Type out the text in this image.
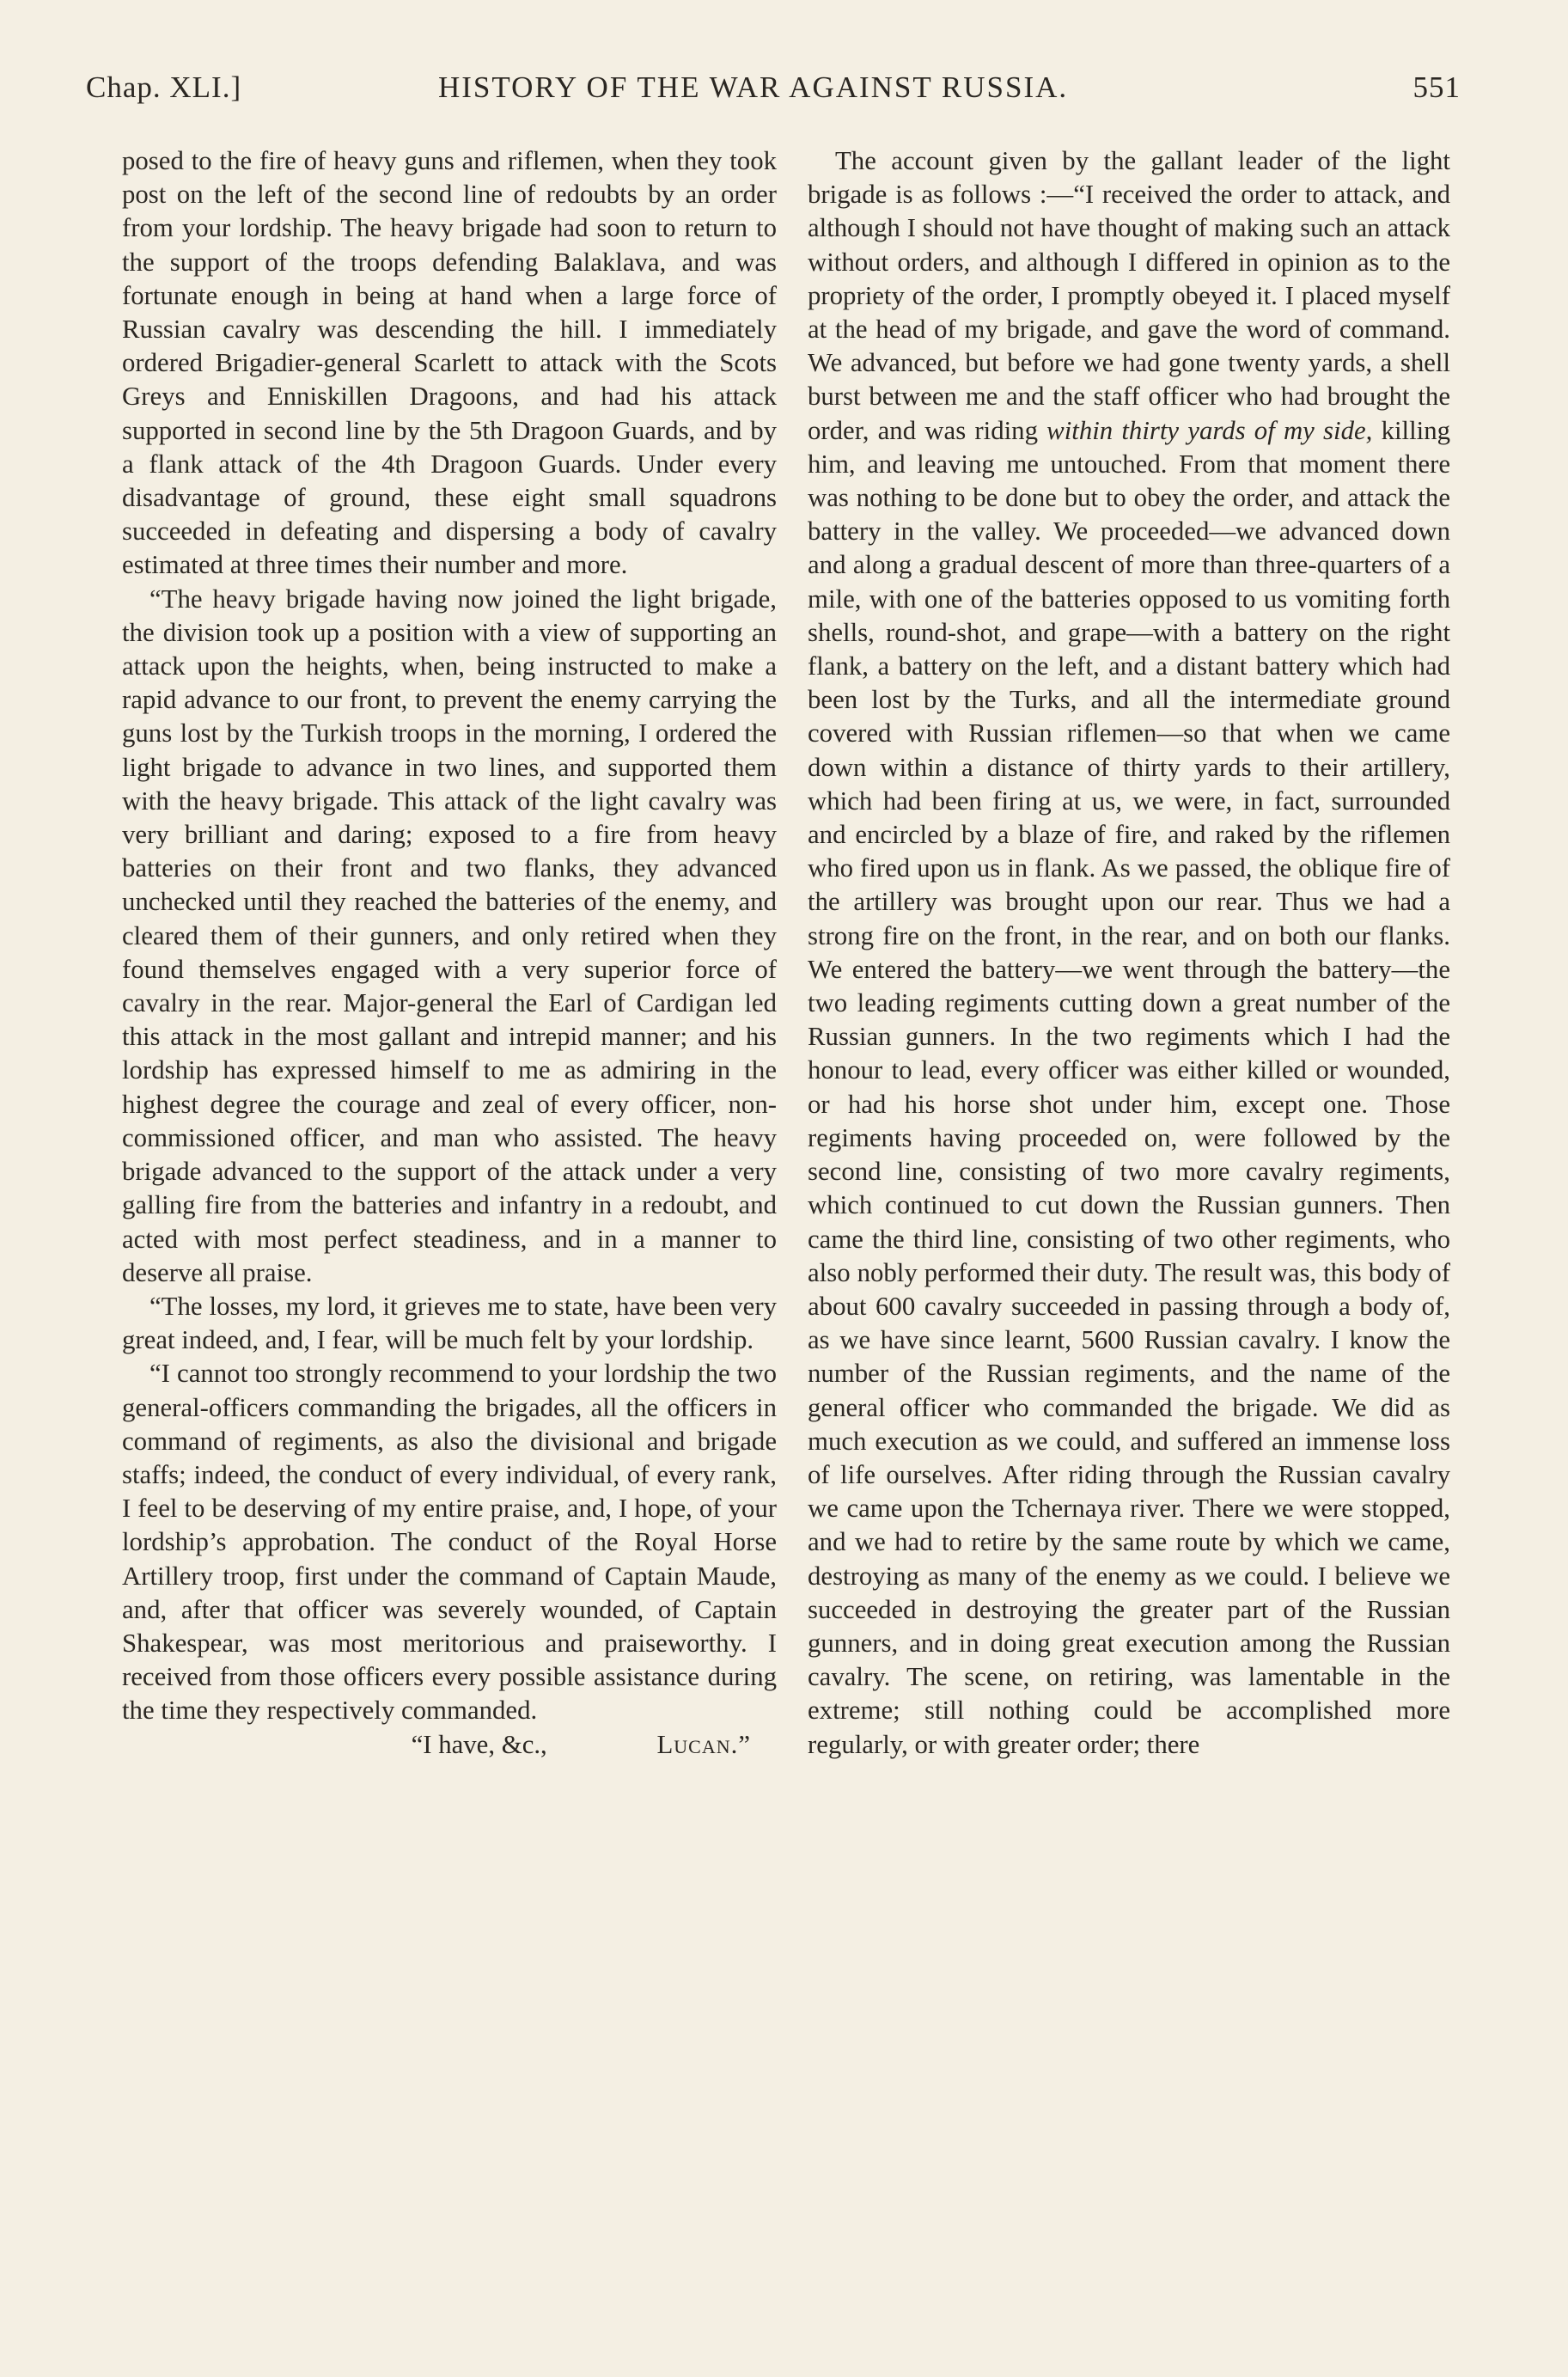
Chap. XLI.]	HISTORY OF THE WAR AGAINST RUSSIA.	551

posed to the fire of heavy guns and riflemen, when they took post on the left of the second line of redoubts by an order from your lordship. The heavy brigade had soon to return to the support of the troops defending Balaklava, and was fortunate enough in being at hand when a large force of Russian cavalry was descending the hill. I immediately ordered Brigadier-general Scarlett to attack with the Scots Greys and Enniskillen Dragoons, and had his attack supported in second line by the 5th Dragoon Guards, and by a flank attack of the 4th Dragoon Guards. Under every disadvantage of ground, these eight small squadrons succeeded in defeating and dispersing a body of cavalry estimated at three times their number and more.

“The heavy brigade having now joined the light brigade, the division took up a position with a view of supporting an attack upon the heights, when, being instructed to make a rapid advance to our front, to prevent the enemy carrying the guns lost by the Turkish troops in the morning, I ordered the light brigade to advance in two lines, and supported them with the heavy brigade. This attack of the light cavalry was very brilliant and daring; exposed to a fire from heavy batteries on their front and two flanks, they advanced unchecked until they reached the batteries of the enemy, and cleared them of their gunners, and only retired when they found themselves engaged with a very superior force of cavalry in the rear. Major-general the Earl of Cardigan led this attack in the most gallant and intrepid manner; and his lordship has expressed himself to me as admiring in the highest degree the courage and zeal of every officer, non-commissioned officer, and man who assisted. The heavy brigade advanced to the support of the attack under a very galling fire from the batteries and infantry in a redoubt, and acted with most perfect steadiness, and in a manner to deserve all praise.

“The losses, my lord, it grieves me to state, have been very great indeed, and, I fear, will be much felt by your lordship.

“I cannot too strongly recommend to your lordship the two general-officers commanding the brigades, all the officers in command of regiments, as also the divisional and brigade staffs; indeed, the conduct of every individual, of every rank, I feel to be deserving of my entire praise, and, I hope, of your lordship’s approbation. The conduct of the Royal Horse Artillery troop, first under the command of Captain Maude, and, after that officer was severely wounded, of Captain Shakespear, was most meritorious and praiseworthy. I received from those officers every possible assistance during the time they respectively commanded.

“I have, &c.,	Lucan.”

The account given by the gallant leader of the light brigade is as follows :—“I received the order to attack, and although I should not have thought of making such an attack without orders, and although I differed in opinion as to the propriety of the order, I promptly obeyed it. I placed myself at the head of my brigade, and gave the word of command. We advanced, but before we had gone twenty yards, a shell burst between me and the staff officer who had brought the order, and was riding within thirty yards of my side, killing him, and leaving me untouched. From that moment there was nothing to be done but to obey the order, and attack the battery in the valley. We proceeded—we advanced down and along a gradual descent of more than three-quarters of a mile, with one of the batteries opposed to us vomiting forth shells, round-shot, and grape—with a battery on the right flank, a battery on the left, and a distant battery which had been lost by the Turks, and all the intermediate ground covered with Russian riflemen—so that when we came down within a distance of thirty yards to their artillery, which had been firing at us, we were, in fact, surrounded and encircled by a blaze of fire, and raked by the riflemen who fired upon us in flank. As we passed, the oblique fire of the artillery was brought upon our rear. Thus we had a strong fire on the front, in the rear, and on both our flanks. We entered the battery—we went through the battery—the two leading regiments cutting down a great number of the Russian gunners. In the two regiments which I had the honour to lead, every officer was either killed or wounded, or had his horse shot under him, except one. Those regiments having proceeded on, were followed by the second line, consisting of two more cavalry regiments, which continued to cut down the Russian gunners. Then came the third line, consisting of two other regiments, who also nobly performed their duty. The result was, this body of about 600 cavalry succeeded in passing through a body of, as we have since learnt, 5600 Russian cavalry. I know the number of the Russian regiments, and the name of the general officer who commanded the brigade. We did as much execution as we could, and suffered an immense loss of life ourselves. After riding through the Russian cavalry we came upon the Tchernaya river. There we were stopped, and we had to retire by the same route by which we came, destroying as many of the enemy as we could. I believe we succeeded in destroying the greater part of the Russian gunners, and in doing great execution among the Russian cavalry. The scene, on retiring, was lamentable in the extreme; still nothing could be accomplished more regularly, or with greater order; there
